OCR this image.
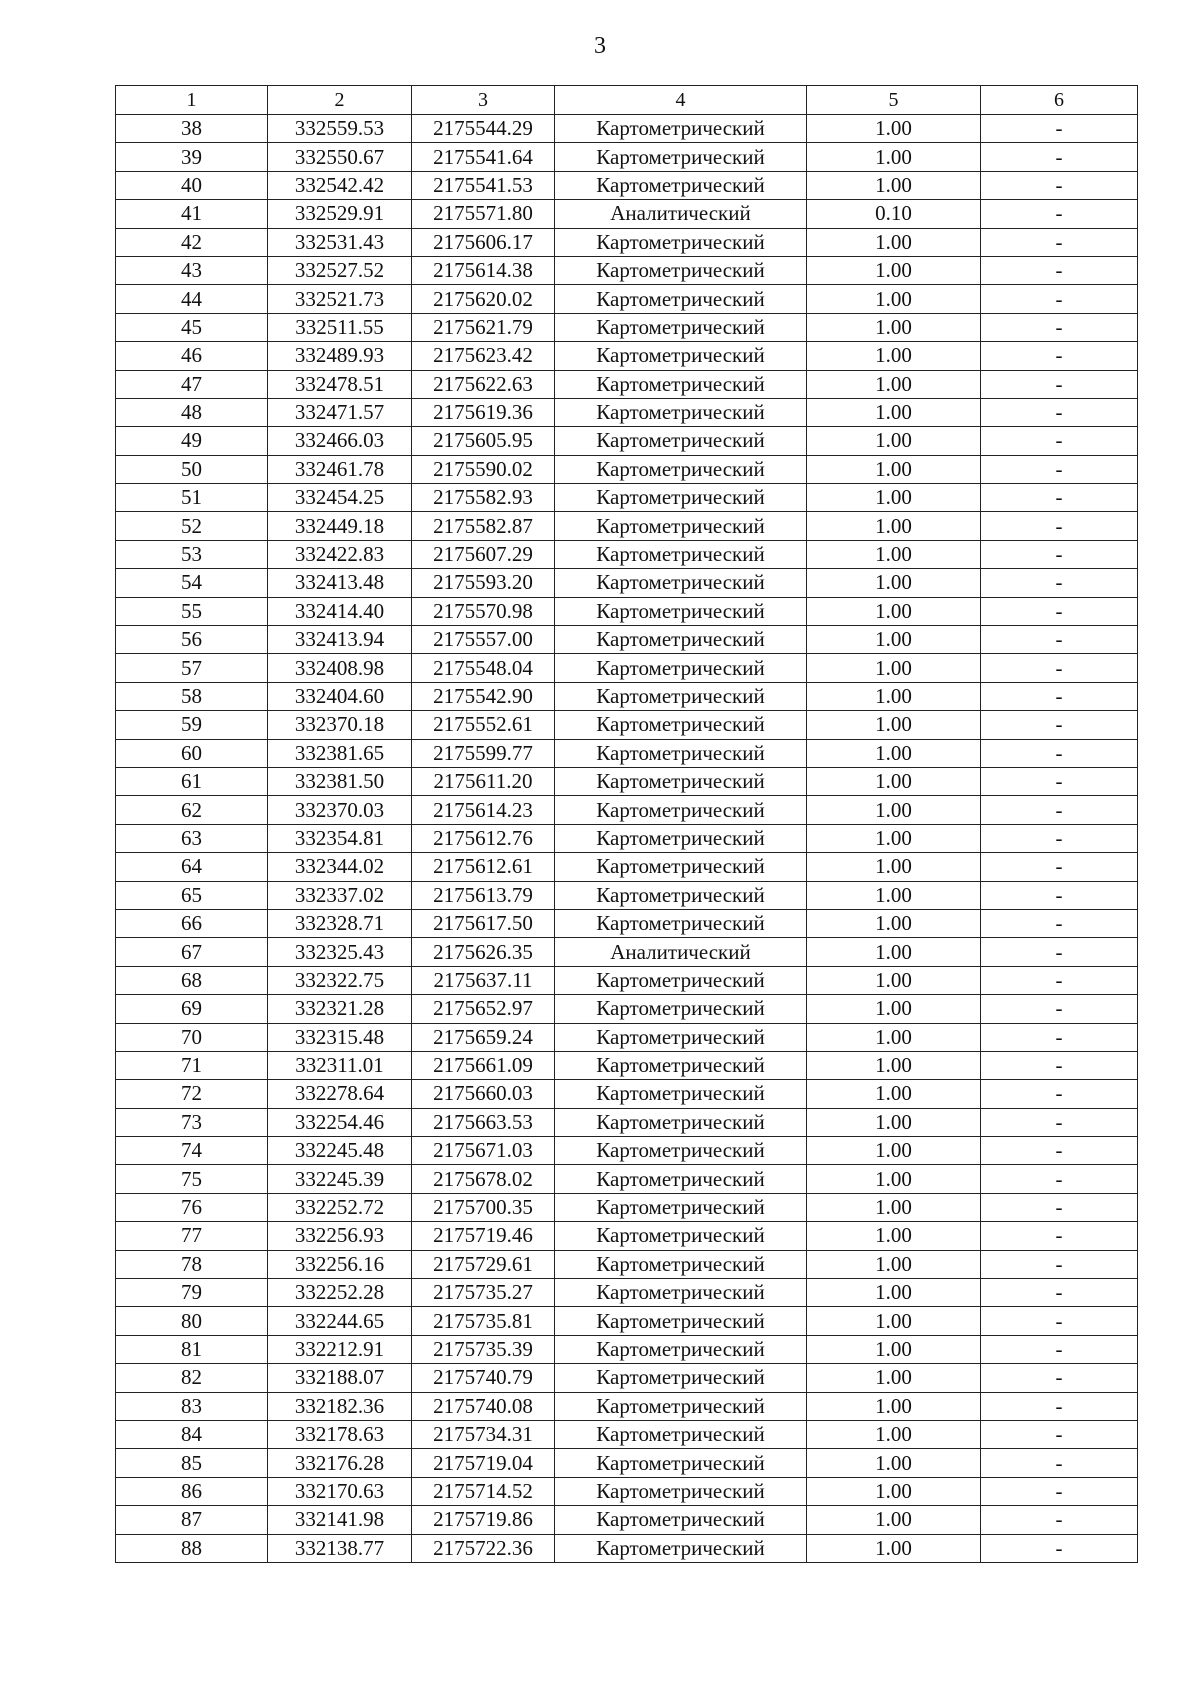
3
1	2	3	4	5	6
38	332559.53	2175544.29	Картометрический	1.00	-
39	332550.67	2175541.64	Картометрический	1.00	-
40	332542.42	2175541.53	Картометрический	1.00	-
41	332529.91	2175571.80	Аналитический	0.10	-
42	332531.43	2175606.17	Картометрический	1.00	-
43	332527.52	2175614.38	Картометрический	1.00	-
44	332521.73	2175620.02	Картометрический	1.00	-
45	332511.55	2175621.79	Картометрический	1.00	-
46	332489.93	2175623.42	Картометрический	1.00	-
47	332478.51	2175622.63	Картометрический	1.00	-
48	332471.57	2175619.36	Картометрический	1.00	-
49	332466.03	2175605.95	Картометрический	1.00	-
50	332461.78	2175590.02	Картометрический	1.00	-
51	332454.25	2175582.93	Картометрический	1.00	-
52	332449.18	2175582.87	Картометрический	1.00	-
53	332422.83	2175607.29	Картометрический	1.00	-
54	332413.48	2175593.20	Картометрический	1.00	-
55	332414.40	2175570.98	Картометрический	1.00	-
56	332413.94	2175557.00	Картометрический	1.00	-
57	332408.98	2175548.04	Картометрический	1.00	-
58	332404.60	2175542.90	Картометрический	1.00	-
59	332370.18	2175552.61	Картометрический	1.00	-
60	332381.65	2175599.77	Картометрический	1.00	-
61	332381.50	2175611.20	Картометрический	1.00	-
62	332370.03	2175614.23	Картометрический	1.00	-
63	332354.81	2175612.76	Картометрический	1.00	-
64	332344.02	2175612.61	Картометрический	1.00	-
65	332337.02	2175613.79	Картометрический	1.00	-
66	332328.71	2175617.50	Картометрический	1.00	-
67	332325.43	2175626.35	Аналитический	1.00	-
68	332322.75	2175637.11	Картометрический	1.00	-
69	332321.28	2175652.97	Картометрический	1.00	-
70	332315.48	2175659.24	Картометрический	1.00	-
71	332311.01	2175661.09	Картометрический	1.00	-
72	332278.64	2175660.03	Картометрический	1.00	-
73	332254.46	2175663.53	Картометрический	1.00	-
74	332245.48	2175671.03	Картометрический	1.00	-
75	332245.39	2175678.02	Картометрический	1.00	-
76	332252.72	2175700.35	Картометрический	1.00	-
77	332256.93	2175719.46	Картометрический	1.00	-
78	332256.16	2175729.61	Картометрический	1.00	-
79	332252.28	2175735.27	Картометрический	1.00	-
80	332244.65	2175735.81	Картометрический	1.00	-
81	332212.91	2175735.39	Картометрический	1.00	-
82	332188.07	2175740.79	Картометрический	1.00	-
83	332182.36	2175740.08	Картометрический	1.00	-
84	332178.63	2175734.31	Картометрический	1.00	-
85	332176.28	2175719.04	Картометрический	1.00	-
86	332170.63	2175714.52	Картометрический	1.00	-
87	332141.98	2175719.86	Картометрический	1.00	-
88	332138.77	2175722.36	Картометрический	1.00	-
